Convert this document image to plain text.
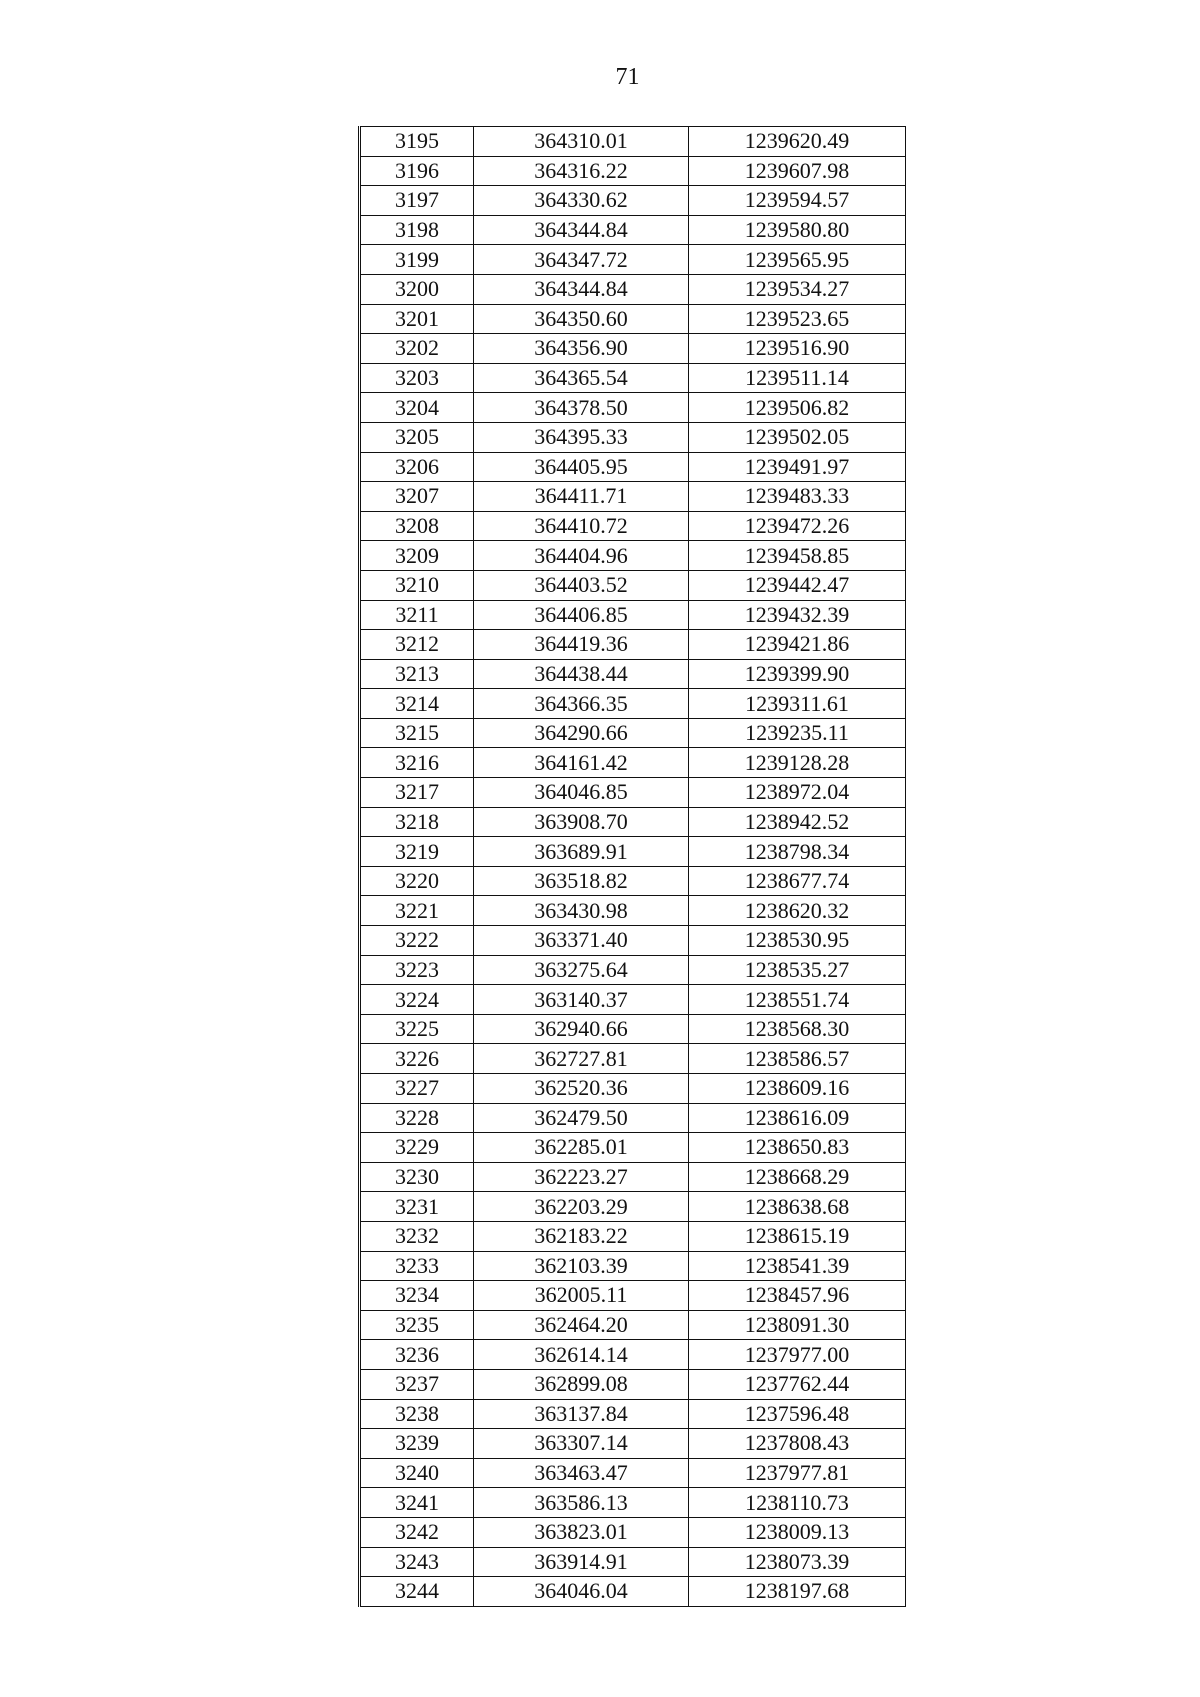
71
3195	364310.01	1239620.49
3196	364316.22	1239607.98
3197	364330.62	1239594.57
3198	364344.84	1239580.80
3199	364347.72	1239565.95
3200	364344.84	1239534.27
3201	364350.60	1239523.65
3202	364356.90	1239516.90
3203	364365.54	1239511.14
3204	364378.50	1239506.82
3205	364395.33	1239502.05
3206	364405.95	1239491.97
3207	364411.71	1239483.33
3208	364410.72	1239472.26
3209	364404.96	1239458.85
3210	364403.52	1239442.47
3211	364406.85	1239432.39
3212	364419.36	1239421.86
3213	364438.44	1239399.90
3214	364366.35	1239311.61
3215	364290.66	1239235.11
3216	364161.42	1239128.28
3217	364046.85	1238972.04
3218	363908.70	1238942.52
3219	363689.91	1238798.34
3220	363518.82	1238677.74
3221	363430.98	1238620.32
3222	363371.40	1238530.95
3223	363275.64	1238535.27
3224	363140.37	1238551.74
3225	362940.66	1238568.30
3226	362727.81	1238586.57
3227	362520.36	1238609.16
3228	362479.50	1238616.09
3229	362285.01	1238650.83
3230	362223.27	1238668.29
3231	362203.29	1238638.68
3232	362183.22	1238615.19
3233	362103.39	1238541.39
3234	362005.11	1238457.96
3235	362464.20	1238091.30
3236	362614.14	1237977.00
3237	362899.08	1237762.44
3238	363137.84	1237596.48
3239	363307.14	1237808.43
3240	363463.47	1237977.81
3241	363586.13	1238110.73
3242	363823.01	1238009.13
3243	363914.91	1238073.39
3244	364046.04	1238197.68
